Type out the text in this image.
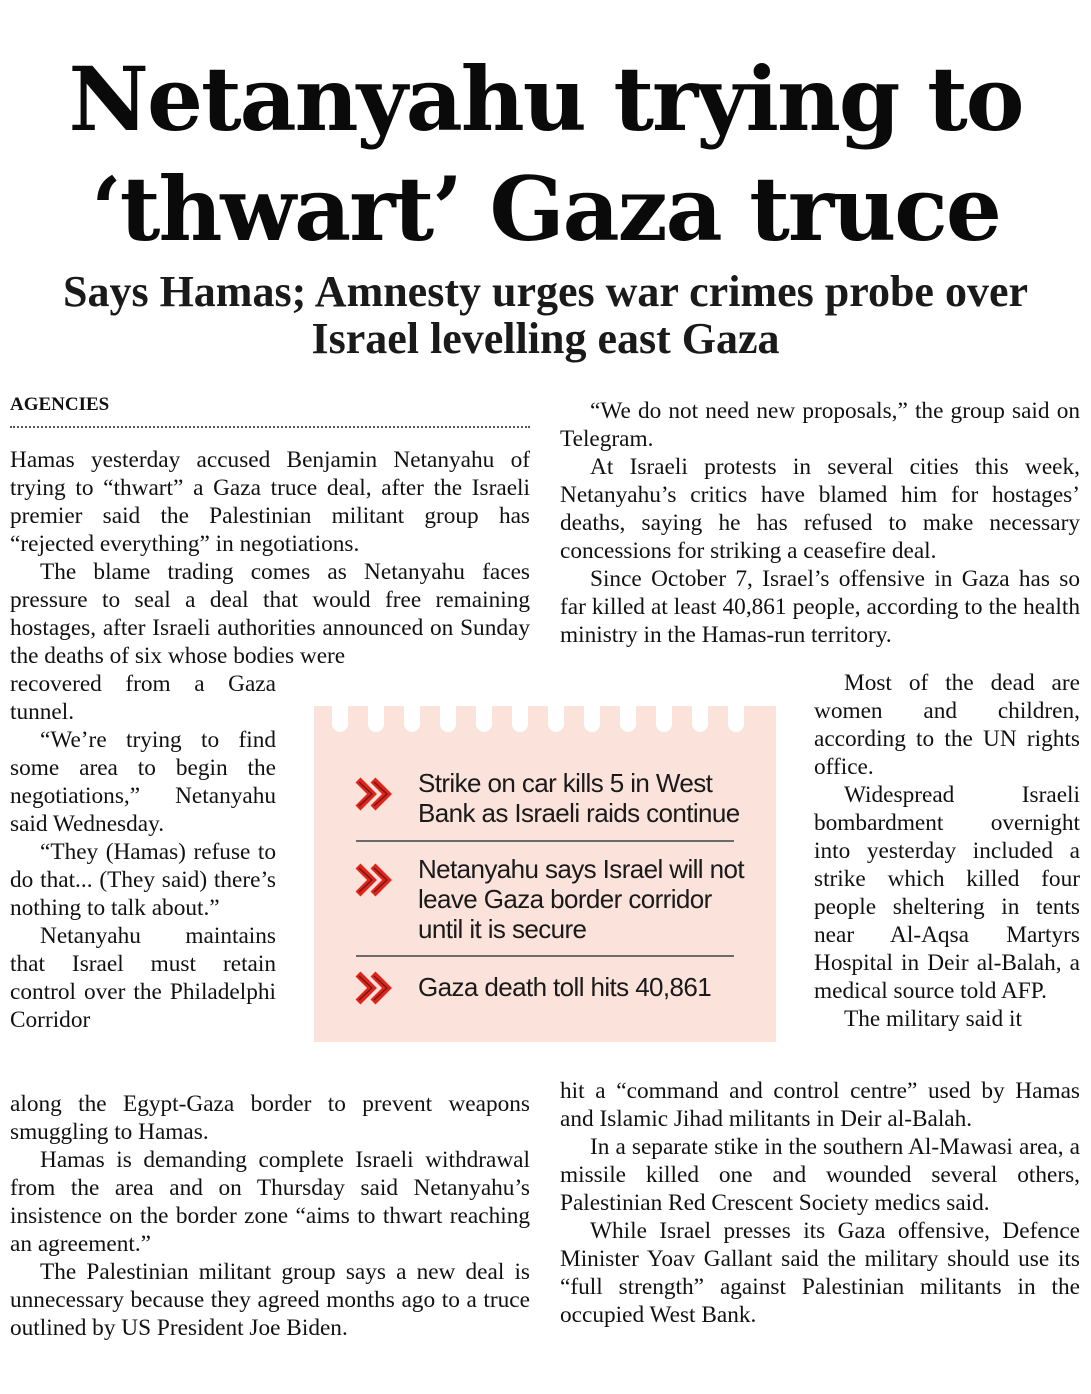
Netanyahu trying to
‘thwart’ Gaza truce
Says Hamas; Amnesty urges war crimes probe over
Israel levelling east Gaza
AGENCIES

Hamas yesterday accused Benjamin Netanyahu of trying to “thwart” a Gaza truce deal, after the Israeli premier said the Palestinian militant group has “rejected everything” in negotiations.

The blame trading comes as Netanyahu faces pressure to seal a deal that would free remaining hostages, after Israeli authorities announced on Sunday the deaths of six whose bodies were

recovered from a Gaza tunnel.

“We’re trying to find some area to begin the negotiations,” Netanyahu said Wednesday.

“They (Hamas) refuse to do that... (They said) there’s nothing to talk about.”

Netanyahu maintains that Israel must retain control over the Philadelphi Corridor

along the Egypt-Gaza border to prevent weapons smuggling to Hamas.

Hamas is demanding complete Israeli withdrawal from the area and on Thursday said Netanyahu’s insistence on the border zone “aims to thwart reaching an agreement.”

The Palestinian militant group says a new deal is unnecessary because they agreed months ago to a truce outlined by US President Joe Biden.

“We do not need new proposals,” the group said on Telegram.

At Israeli protests in several cities this week, Netanyahu’s critics have blamed him for hostages’ deaths, saying he has refused to make necessary concessions for striking a ceasefire deal.

Since October 7, Israel’s offensive in Gaza has so far killed at least 40,861 people, according to the health ministry in the Hamas-run territory.

Most of the dead are women and children, according to the UN rights office.

Widespread Israeli bombardment overnight into yesterday included a strike which killed four people sheltering in tents near Al-Aqsa Martyrs Hospital in Deir al-Balah, a medical source told AFP.

The military said it

hit a “command and control centre” used by Hamas and Islamic Jihad militants in Deir al-Balah.

In a separate stike in the southern Al-Mawasi area, a missile killed one and wounded several others, Palestinian Red Crescent Society medics said.

While Israel presses its Gaza offensive, Defence Minister Yoav Gallant said the military should use its “full strength” against Palestinian militants in the occupied West Bank.

Strike on car kills 5 in West Bank as Israeli raids continue
Netanyahu says Israel will not leave Gaza border corridor until it is secure
Gaza death toll hits 40,861
